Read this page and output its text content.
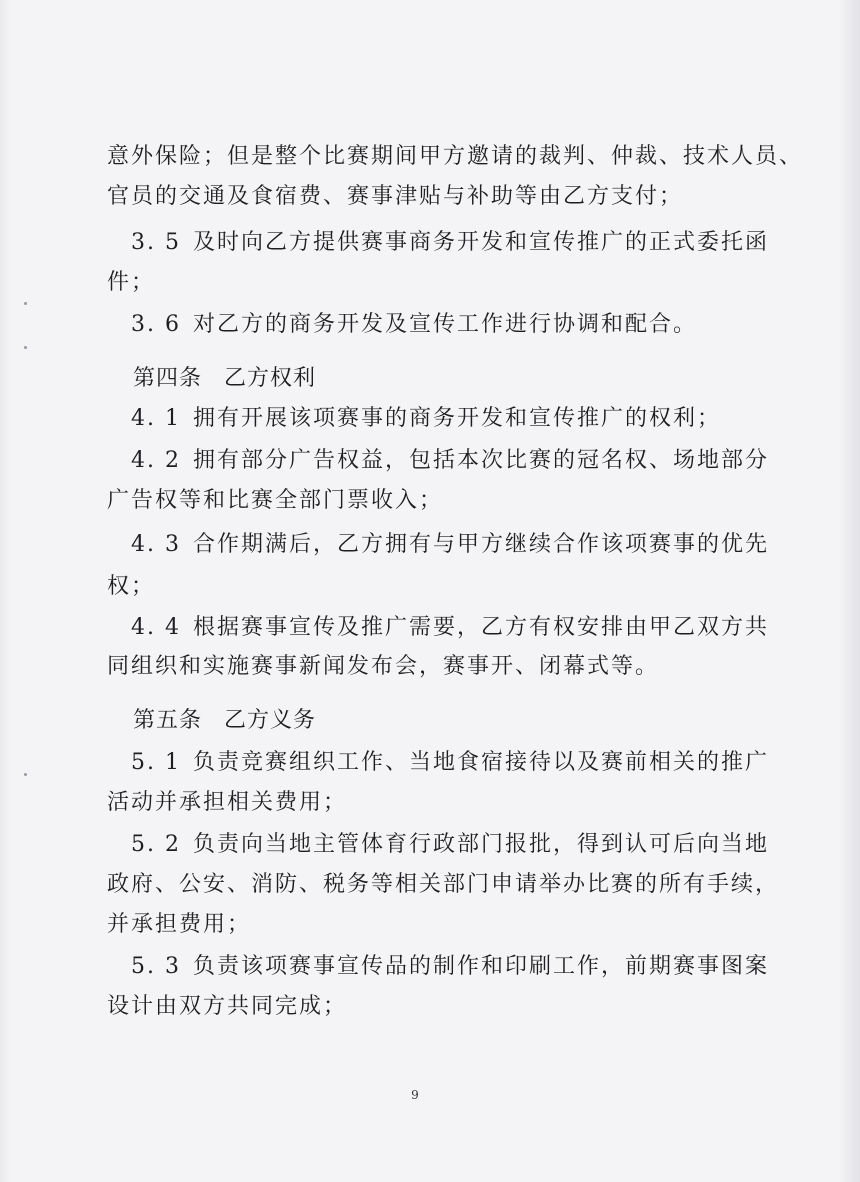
意外保险；但是整个比赛期间甲方邀请的裁判、仲裁、技术人员、
官员的交通及食宿费、赛事津贴与补助等由乙方支付；
3. 5 及时向乙方提供赛事商务开发和宣传推广的正式委托函
件；
3. 6 对乙方的商务开发及宣传工作进行协调和配合。
第四条 乙方权利
4. 1 拥有开展该项赛事的商务开发和宣传推广的权利；
4. 2 拥有部分广告权益，包括本次比赛的冠名权、场地部分
广告权等和比赛全部门票收入；
4. 3 合作期满后，乙方拥有与甲方继续合作该项赛事的优先
权；
4. 4 根据赛事宣传及推广需要，乙方有权安排由甲乙双方共
同组织和实施赛事新闻发布会，赛事开、闭幕式等。
第五条 乙方义务
5. 1 负责竞赛组织工作、当地食宿接待以及赛前相关的推广
活动并承担相关费用；
5. 2 负责向当地主管体育行政部门报批，得到认可后向当地
政府、公安、消防、税务等相关部门申请举办比赛的所有手续，
并承担费用；
5. 3 负责该项赛事宣传品的制作和印刷工作，前期赛事图案
设计由双方共同完成；
9
